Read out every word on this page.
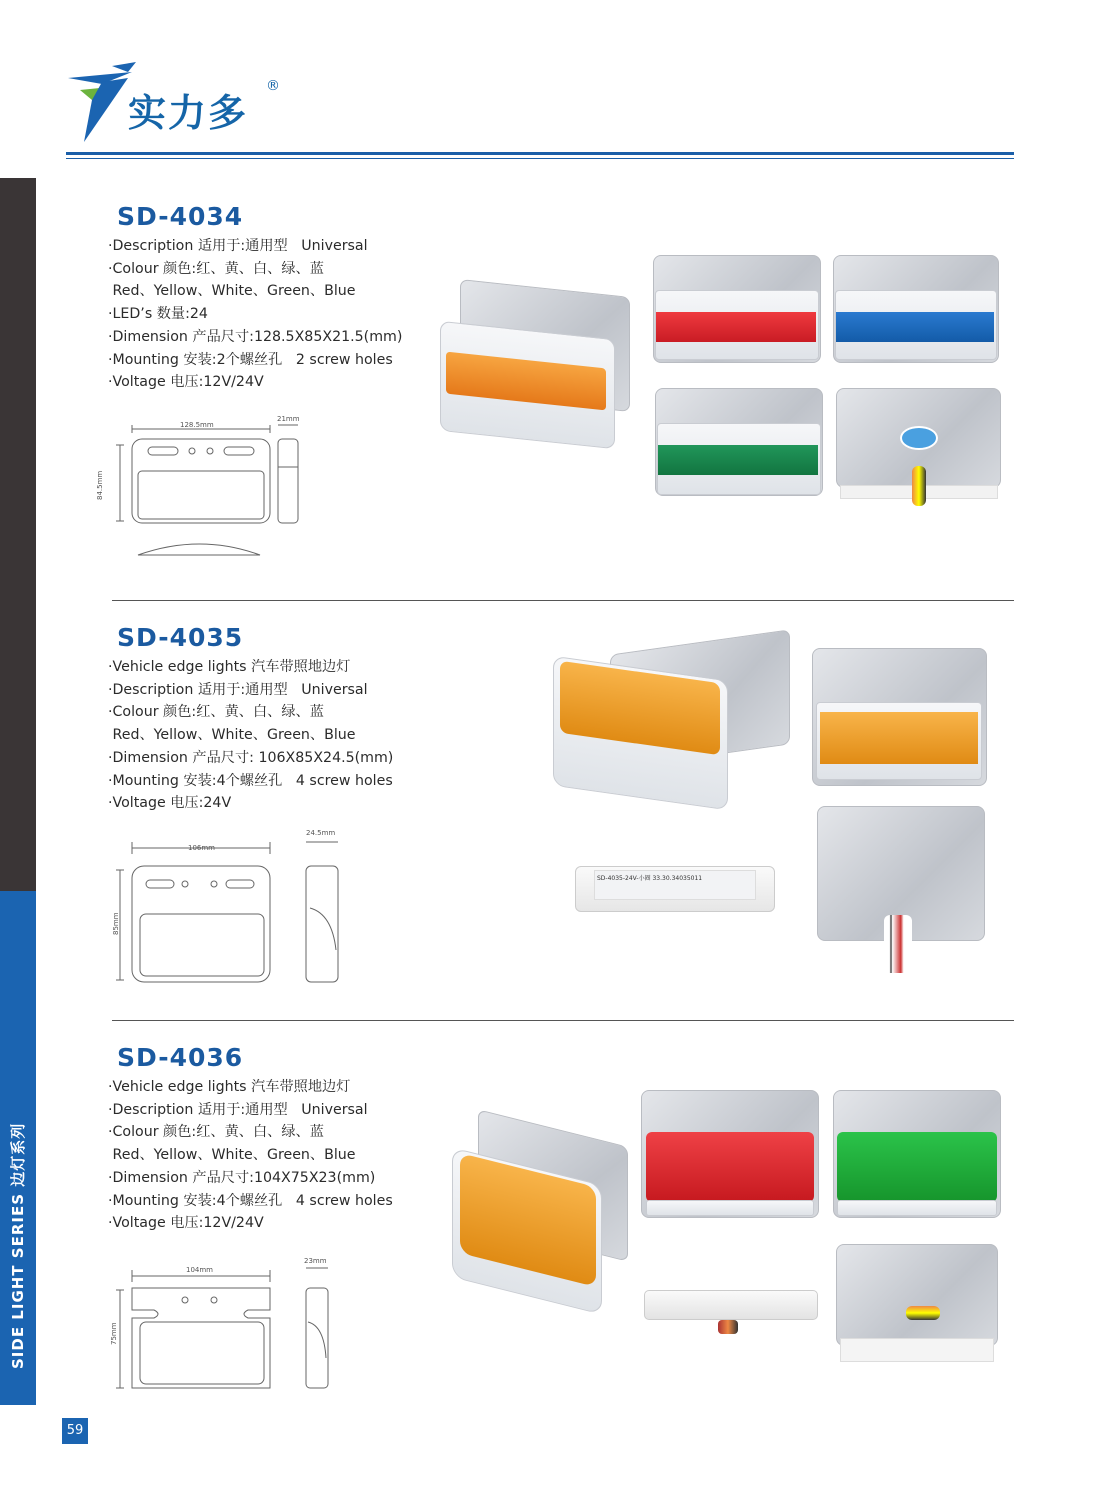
实力多
®
SIDE LIGHT SERIES 边灯系列
59
SD-4034
·Description 适用于:通用型   Universal
·Colour 颜色:红、黄、白、绿、蓝
Red、Yellow、White、Green、Blue
·LED’s 数量:24
·Dimension 产品尺寸:128.5X85X21.5(mm)
·Mounting 安装:2个螺丝孔   2 screw holes
·Voltage 电压:12V/24V
128.5mm
84.5mm
21mm
SD-4035
·Vehicle edge lights 汽车带照地边灯
·Description 适用于:通用型   Universal
·Colour 颜色:红、黄、白、绿、蓝
Red、Yellow、White、Green、Blue
·Dimension 产品尺寸: 106X85X24.5(mm)
·Mounting 安装:4个螺丝孔   4 screw holes
·Voltage 电压:24V
106mm
85mm
24.5mm
SD-4035-24V-小圈 33.30.34035011
SD-4036
·Vehicle edge lights 汽车带照地边灯
·Description 适用于:通用型   Universal
·Colour 颜色:红、黄、白、绿、蓝
Red、Yellow、White、Green、Blue
·Dimension 产品尺寸:104X75X23(mm)
·Mounting 安装:4个螺丝孔   4 screw holes
·Voltage 电压:12V/24V
104mm
75mm
23mm
